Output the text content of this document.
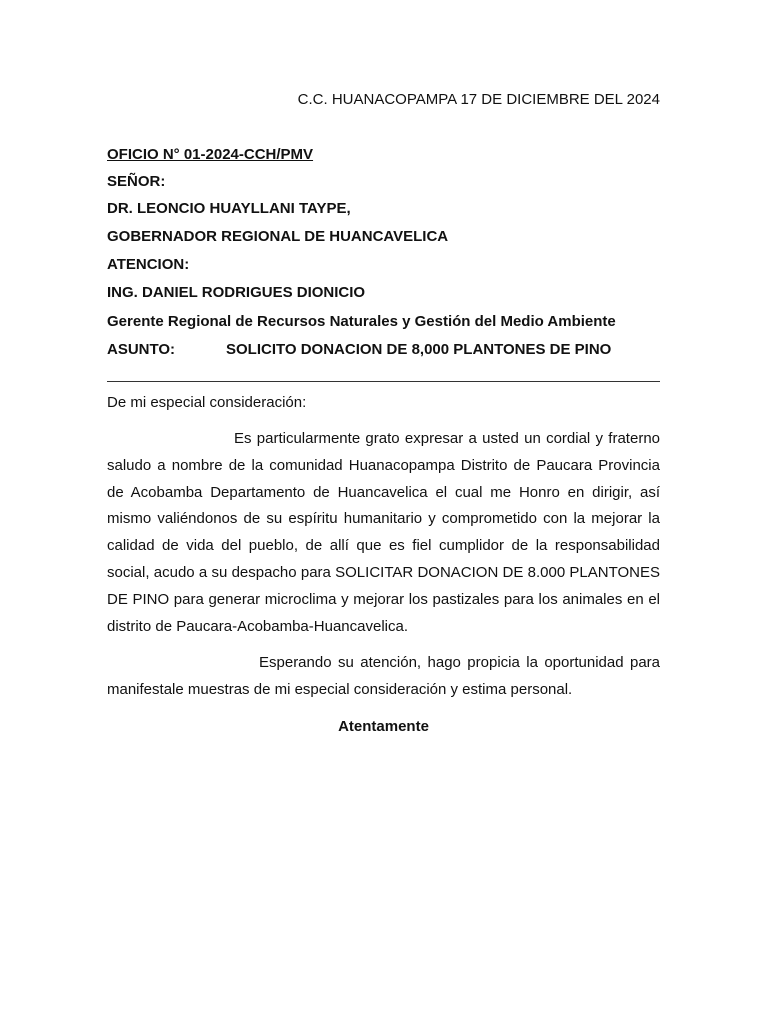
C.C. HUANACOPAMPA 17 DE DICIEMBRE DEL 2024
OFICIO N° 01-2024-CCH/PMV
SEÑOR:
DR. LEONCIO HUAYLLANI TAYPE,
GOBERNADOR REGIONAL DE HUANCAVELICA
ATENCION:
ING. DANIEL RODRIGUES DIONICIO
Gerente Regional de Recursos Naturales y Gestión del Medio Ambiente
ASUNTO:	SOLICITO DONACION DE 8,000 PLANTONES DE PINO
De mi especial consideración:
Es particularmente grato expresar a usted un cordial y fraterno saludo a nombre de la comunidad Huanacopampa Distrito de Paucara Provincia de Acobamba Departamento de Huancavelica el cual me Honro en dirigir, así mismo valiéndonos de su espíritu humanitario y comprometido con la mejorar la calidad de vida del pueblo, de allí que es fiel cumplidor de la responsabilidad social, acudo a su despacho para SOLICITAR DONACION DE 8.000 PLANTONES DE PINO para generar microclima y mejorar los pastizales para los animales en el distrito de Paucara-Acobamba-Huancavelica.
Esperando su atención, hago propicia la oportunidad para manifestale muestras de mi especial consideración y estima personal.
Atentamente
